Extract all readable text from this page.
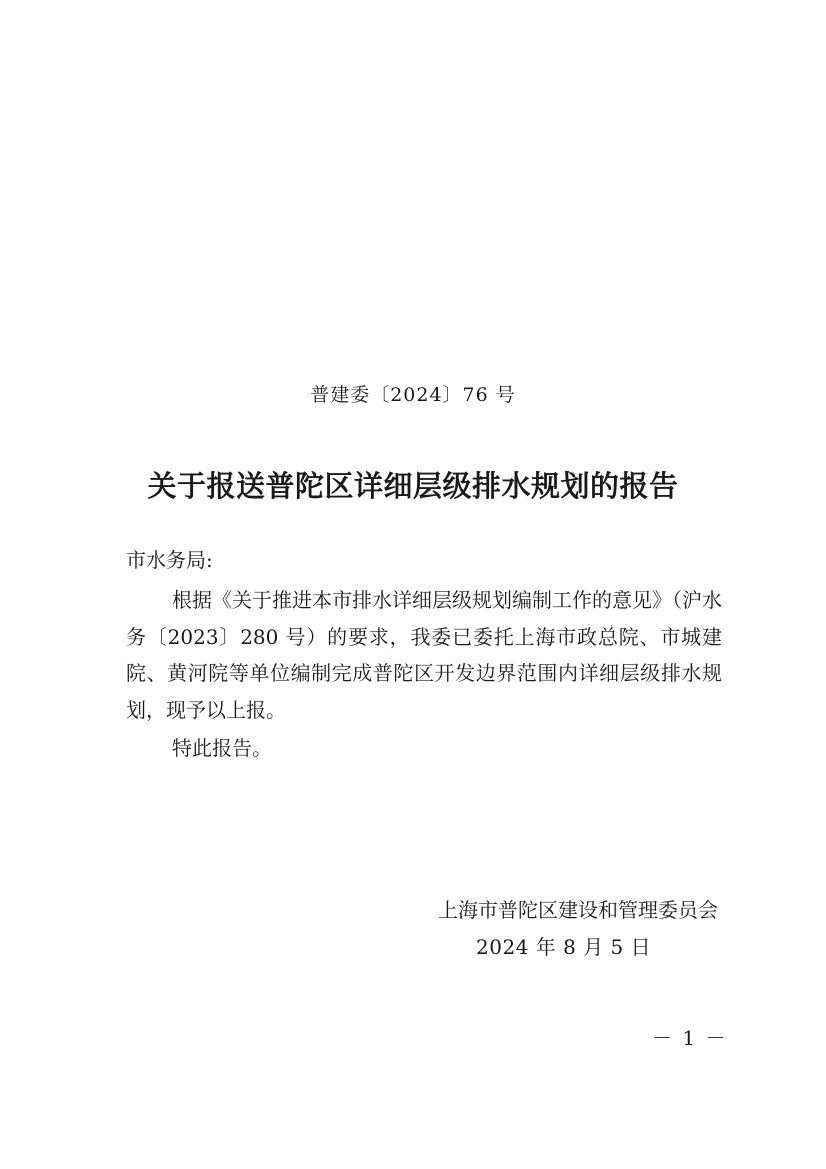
普建委〔2024〕76 号
关于报送普陀区详细层级排水规划的报告
市水务局:
根据《关于推进本市排水详细层级规划编制工作的意见》（沪水务〔2023〕280 号）的要求，我委已委托上海市政总院、市城建院、黄河院等单位编制完成普陀区开发边界范围内详细层级排水规划，现予以上报。
特此报告。
上海市普陀区建设和管理委员会
2024 年 8 月 5 日
－ 1 －
